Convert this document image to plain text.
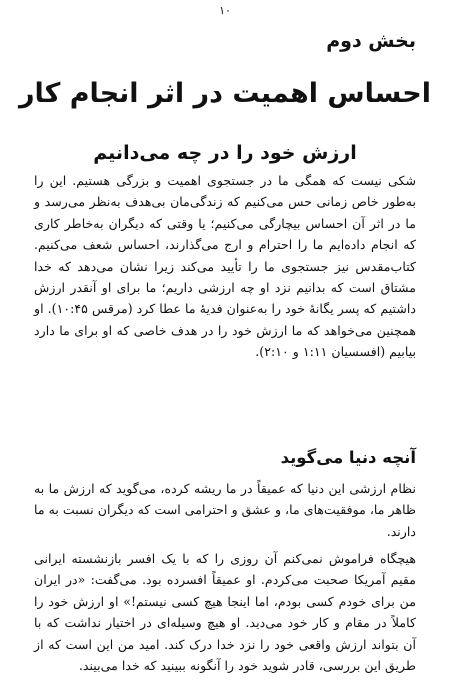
۱۰
بخش دوم
احساس اهمیت در اثر انجام کار
ارزش خود را در چه می‌دانیم

شکی نیست که همگی ما در جستجوی اهمیت و بزرگی هستیم. این را به‌طور خاص زمانی حس می‌کنیم که زندگی‌مان بی‌هدف به‌نظر می‌رسد و ما در اثر آن احساس بیچارگی می‌کنیم؛ یا وقتی که دیگران به‌خاطر کاری که انجام داده‌ایم ما را احترام و ارج می‌گذارند، احساس شعف می‌کنیم. کتاب‌مقدس نیز جستجوی ما را تأیید می‌کند زیرا نشان می‌دهد که خدا مشتاق است که بدانیم نزد او چه ارزشی داریم؛ ما برای او آنقدر ارزش داشتیم که پسر یگانهٔ خود را به‌عنوان فدیهٔ ما عطا کرد (مرقس ۱۰:۴۵). او همچنین می‌خواهد که ما ارزش خود را در هدف خاصی که او برای ما دارد بیابیم (افسسیان ۱:۱۱ و ۲:۱۰).

آنچه دنیا می‌گوید

نظام ارزشی این دنیا که عمیقاً در ما ریشه کرده، می‌گوید که ارزش ما به ظاهر ما، موفقیت‌های ما، و عشق و احترامی است که دیگران نسبت به ما دارند.

هیچگاه فراموش نمی‌کنم آن روزی را که با یک افسر بازنشسته ایرانی مقیم آمریکا صحبت می‌کردم. او عمیقاً افسرده بود. می‌گفت: «در ایران من برای خودم کسی بودم، اما اینجا هیچ کسی نیستم!» او ارزش خود را کاملاً در مقام و کار خود می‌دید. او هیچ وسیله‌ای در اختیار نداشت که با آن بتواند ارزش واقعی خود را نزد خدا درک کند. امید من این است که از طریق این بررسی، قادر شوید خود را آنگونه ببینید که خدا می‌بیند.
